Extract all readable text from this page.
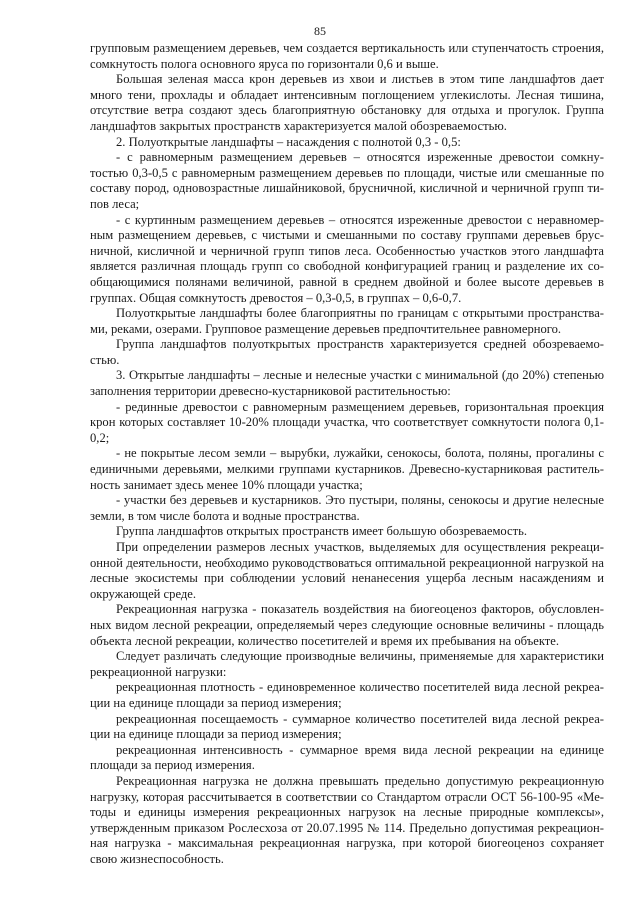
85

групповым размещением деревьев, чем создается вертикальность или ступенчатость строения, сомкнутость полога основного яруса по горизонтали 0,6 и выше.

Большая зеленая масса крон деревьев из хвои и листьев в этом типе ландшафтов дает много тени, прохлады и обладает интенсивным поглощением углекислоты. Лесная тишина, отсутствие ветра создают здесь благоприятную обстановку для отдыха и прогулок. Группа ландшафтов закрытых пространств характеризуется малой обозреваемостью.

2. Полуоткрытые ландшафты – насаждения с полнотой 0,3 - 0,5:

- с равномерным размещением деревьев – относятся изреженные древостои сомкнутостью 0,3-0,5 с равномерным размещением деревьев по площади, чистые или смешанные по составу пород, одновозрастные лишайниковой, брусничной, кисличной и черничной групп типов леса;

- с куртинным размещением деревьев – относятся изреженные древостои с неравномерным размещением деревьев, с чистыми и смешанными по составу группами деревьев брусничной, кисличной и черничной групп типов леса. Особенностью участков этого ландшафта является различная площадь групп со свободной конфигурацией границ и разделение их сообщающимися полянами величиной, равной в среднем двойной и более высоте деревьев в группах. Общая сомкнутость древостоя – 0,3-0,5, в группах – 0,6-0,7.

Полуоткрытые ландшафты более благоприятны по границам с открытыми пространствами, реками, озерами. Групповое размещение деревьев предпочтительнее равномерного.

Группа ландшафтов полуоткрытых пространств характеризуется средней обозреваемостью.

3. Открытые ландшафты – лесные и нелесные участки с минимальной (до 20%) степенью заполнения территории древесно-кустарниковой растительностью:

- рединные древостои с равномерным размещением деревьев, горизонтальная проекция крон которых составляет 10-20% площади участка, что соответствует сомкнутости полога 0,1-0,2;

- не покрытые лесом земли – вырубки, лужайки, сенокосы, болота, поляны, прогалины с единичными деревьями, мелкими группами кустарников. Древесно-кустарниковая растительность занимает здесь менее 10% площади участка;

- участки без деревьев и кустарников. Это пустыри, поляны, сенокосы и другие нелесные земли, в том числе болота и водные пространства.

Группа ландшафтов открытых пространств имеет большую обозреваемость.

При определении размеров лесных участков, выделяемых для осуществления рекреационной деятельности, необходимо руководствоваться оптимальной рекреационной нагрузкой на лесные экосистемы при соблюдении условий ненанесения ущерба лесным насаждениям и окружающей среде.

Рекреационная нагрузка - показатель воздействия на биогеоценоз факторов, обусловленных видом лесной рекреации, определяемый через следующие основные величины - площадь объекта лесной рекреации, количество посетителей и время их пребывания на объекте.

Следует различать следующие производные величины, применяемые для характеристики рекреационной нагрузки:

рекреационная плотность - единовременное количество посетителей вида лесной рекреации на единице площади за период измерения;

рекреационная посещаемость - суммарное количество посетителей вида лесной рекреации на единице площади за период измерения;

рекреационная интенсивность - суммарное время вида лесной рекреации на единице площади за период измерения.

Рекреационная нагрузка не должна превышать предельно допустимую рекреационную нагрузку, которая рассчитывается в соответствии со Стандартом отрасли ОСТ 56-100-95 «Методы и единицы измерения рекреационных нагрузок на лесные природные комплексы», утвержденным приказом Рослесхоза от 20.07.1995 № 114. Предельно допустимая рекреационная нагрузка - максимальная рекреационная нагрузка, при которой биогеоценоз сохраняет свою жизнеспособность.
